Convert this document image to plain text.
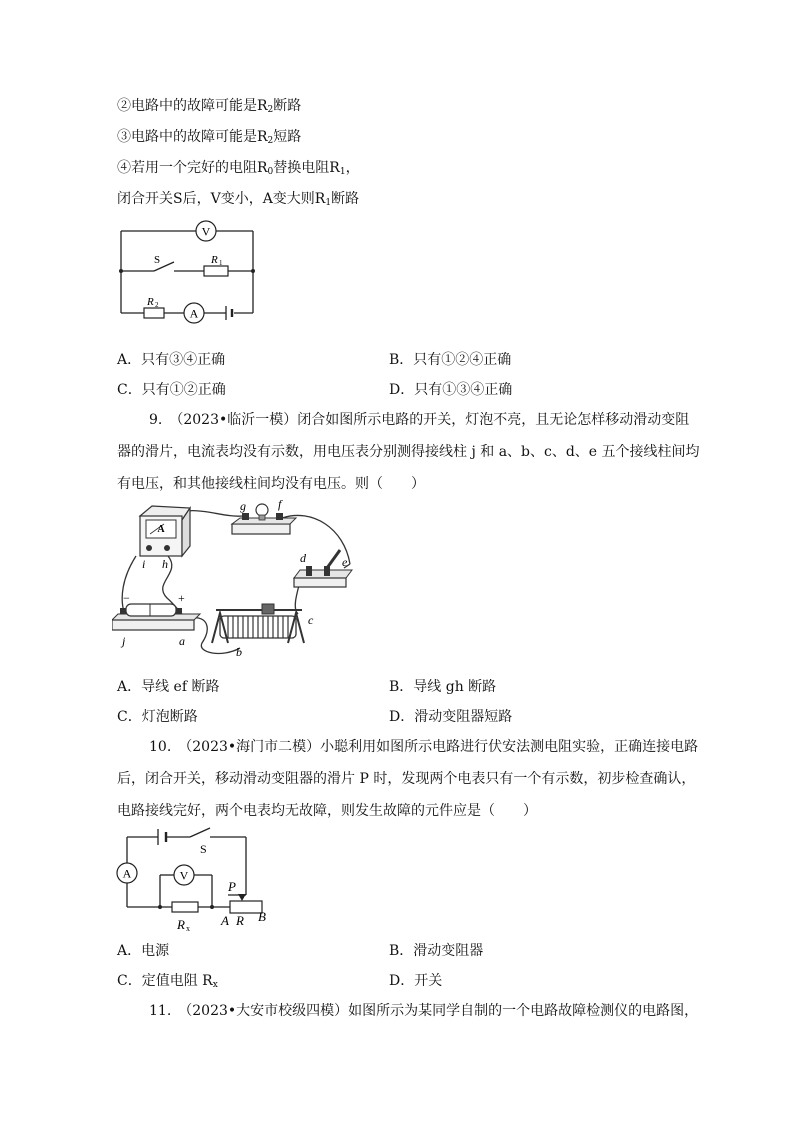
②电路中的故障可能是$R_2$断路
③电路中的故障可能是$R_2$短路
④若用一个完好的电阻$R_0$替换电阻$R_1$，
闭合开关S后，V变小，A变大则$R_1$断路
V
R 1
S
R 2
A
A．只有③④正确	B．只有①②④正确
C．只有①②正确	D．只有①③④正确
9.　（2023•临沂一模）闭合如图所示电路的开关，灯泡不亮，且无论怎样移动滑动变阻
器的滑片，电流表均没有示数，用电压表分别测得接线柱 j 和 a、b、c、d、e 五个接线柱间均
有电压，和其他接线柱间均没有电压。则（　　）
A
i h
g	f
d	e
−	+
j	a
b
c
A．导线 ef 断路	B．导线 gh 断路
C．灯泡断路	D．滑动变阻器短路
10.　（2023•海门市二模）小聪利用如图所示电路进行伏安法测电阻实验，正确连接电路
后，闭合开关，移动滑动变阻器的滑片 P 时，发现两个电表只有一个有示数，初步检查确认，
电路接线完好，两个电表均无故障，则发生故障的元件应是（　　）
S
A	V
P
R x
A R B
A．电源	B．滑动变阻器
C．定值电阻 $R_x$	D．开关
11.　（2023•大安市校级四模）如图所示为某同学自制的一个电路故障检测仪的电路图，
